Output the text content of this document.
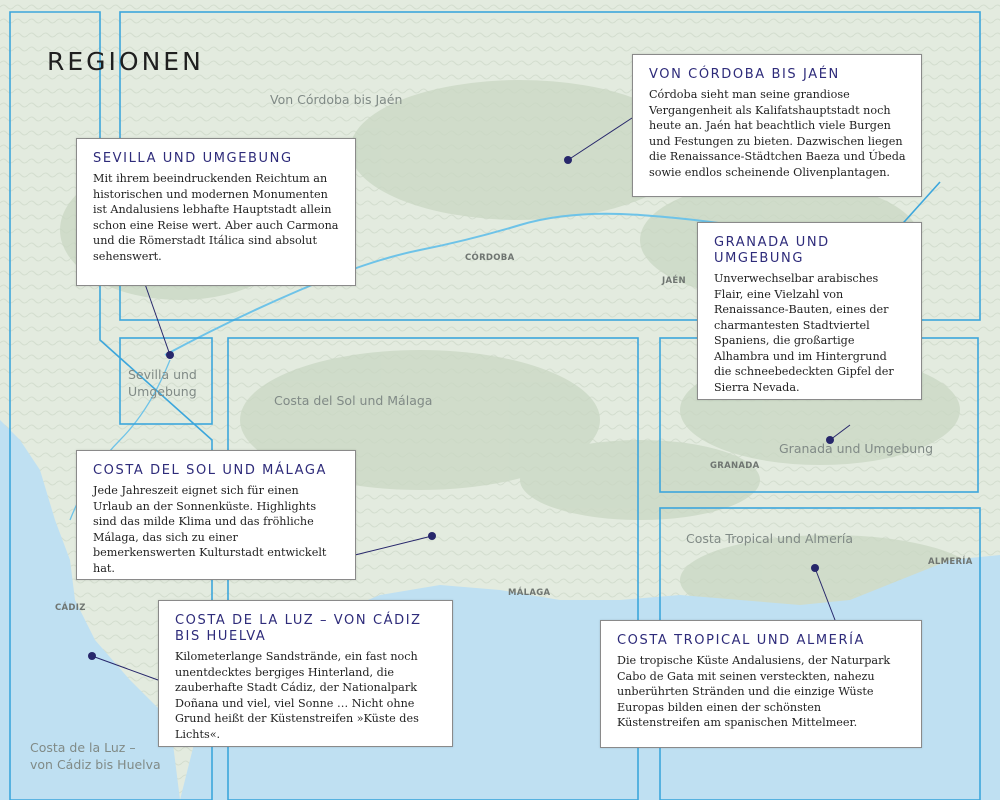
REGIONEN
Von Córdoba bis Jaén
Sevilla und
Umgebung
Costa del Sol und Málaga
Granada und Umgebung
Costa Tropical und Almería
Costa de la Luz –
von Cádiz bis Huelva
CÓRDOBA
JAÉN
GRANADA
ALMERÍA
MÁLAGA
CÁDIZ
VON CÓRDOBA BIS JAÉN

Córdoba sieht man seine grandiose Vergangenheit als Kalifatshauptstadt noch heute an. Jaén hat beachtlich viele Burgen und Festungen zu bieten. Dazwischen liegen die Renaissance-Städtchen Baeza und Úbeda sowie endlos scheinende Olivenplantagen.

SEVILLA UND UMGEBUNG

Mit ihrem beeindruckenden Reichtum an historischen und modernen Monumenten ist Andalusiens lebhafte Hauptstadt allein schon eine Reise wert. Aber auch Carmona und die Römerstadt Itálica sind absolut sehenswert.

GRANADA UND UMGEBUNG

Unverwechselbar arabisches Flair, eine Vielzahl von Renaissance-Bauten, eines der charmantesten Stadtviertel Spaniens, die großartige Alhambra und im Hintergrund die schneebedeckten Gipfel der Sierra Nevada.

COSTA DEL SOL UND MÁLAGA

Jede Jahreszeit eignet sich für einen Urlaub an der Sonnenküste. Highlights sind das milde Klima und das fröhliche Málaga, das sich zu einer bemerkenswerten Kulturstadt entwickelt hat.

COSTA DE LA LUZ – VON CÁDIZ BIS HUELVA

Kilometerlange Sandstrände, ein fast noch unentdecktes bergiges Hinterland, die zauberhafte Stadt Cádiz, der Nationalpark Doñana und viel, viel Sonne … Nicht ohne Grund heißt der Küstenstreifen »Küste des Lichts«.

COSTA TROPICAL UND ALMERÍA

Die tropische Küste Andalusiens, der Naturpark Cabo de Gata mit seinen versteckten, nahezu unberührten Stränden und die einzige Wüste Europas bilden einen der schönsten Küstenstreifen am spanischen Mittelmeer.
